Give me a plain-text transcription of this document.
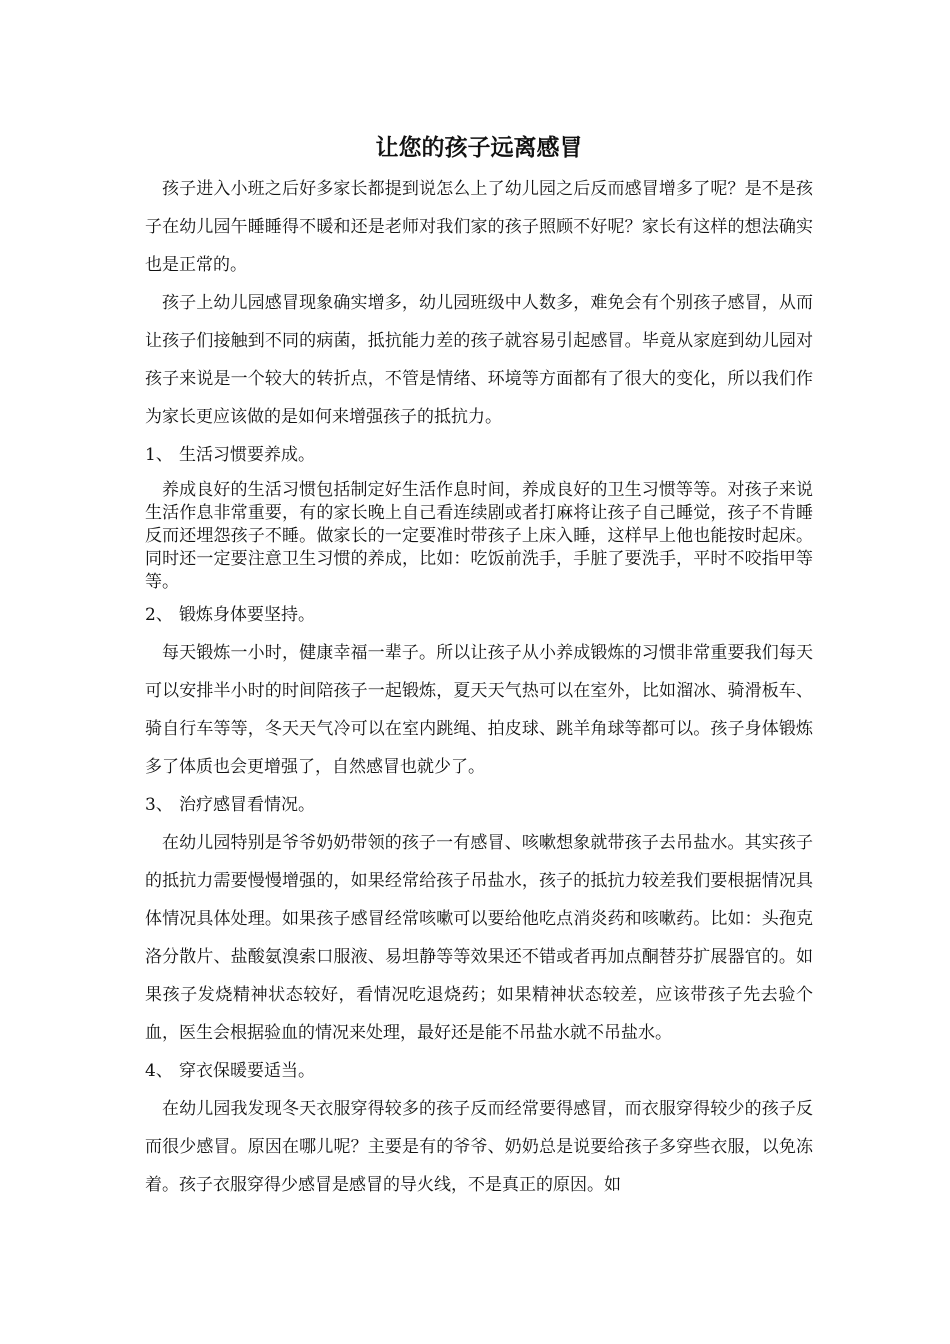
让您的孩子远离感冒

孩子进入小班之后好多家长都提到说怎么上了幼儿园之后反而感冒增多了呢？是不是孩子在幼儿园午睡睡得不暖和还是老师对我们家的孩子照顾不好呢？家长有这样的想法确实也是正常的。

孩子上幼儿园感冒现象确实增多，幼儿园班级中人数多，难免会有个别孩子感冒，从而让孩子们接触到不同的病菌，抵抗能力差的孩子就容易引起感冒。毕竟从家庭到幼儿园对孩子来说是一个较大的转折点，不管是情绪、环境等方面都有了很大的变化，所以我们作为家长更应该做的是如何来增强孩子的抵抗力。

1、 生活习惯要养成。

养成良好的生活习惯包括制定好生活作息时间，养成良好的卫生习惯等等。对孩子来说生活作息非常重要，有的家长晚上自己看连续剧或者打麻将让孩子自己睡觉，孩子不肯睡反而还埋怨孩子不睡。做家长的一定要准时带孩子上床入睡，这样早上他也能按时起床。同时还一定要注意卫生习惯的养成，比如：吃饭前洗手，手脏了要洗手，平时不咬指甲等等。

2、 锻炼身体要坚持。

每天锻炼一小时，健康幸福一辈子。所以让孩子从小养成锻炼的习惯非常重要我们每天可以安排半小时的时间陪孩子一起锻炼，夏天天气热可以在室外，比如溜冰、骑滑板车、骑自行车等等，冬天天气冷可以在室内跳绳、拍皮球、跳羊角球等都可以。孩子身体锻炼多了体质也会更增强了，自然感冒也就少了。

3、 治疗感冒看情况。

在幼儿园特别是爷爷奶奶带领的孩子一有感冒、咳嗽想象就带孩子去吊盐水。其实孩子的抵抗力需要慢慢增强的，如果经常给孩子吊盐水，孩子的抵抗力较差我们要根据情况具体情况具体处理。如果孩子感冒经常咳嗽可以要给他吃点消炎药和咳嗽药。比如：头孢克洛分散片、盐酸氨溴索口服液、易坦静等等效果还不错或者再加点酮替芬扩展器官的。如果孩子发烧精神状态较好，看情况吃退烧药；如果精神状态较差，应该带孩子先去验个血，医生会根据验血的情况来处理，最好还是能不吊盐水就不吊盐水。

4、 穿衣保暖要适当。

在幼儿园我发现冬天衣服穿得较多的孩子反而经常要得感冒，而衣服穿得较少的孩子反而很少感冒。原因在哪儿呢？主要是有的爷爷、奶奶总是说要给孩子多穿些衣服，以免冻着。孩子衣服穿得少感冒是感冒的导火线，不是真正的原因。如
